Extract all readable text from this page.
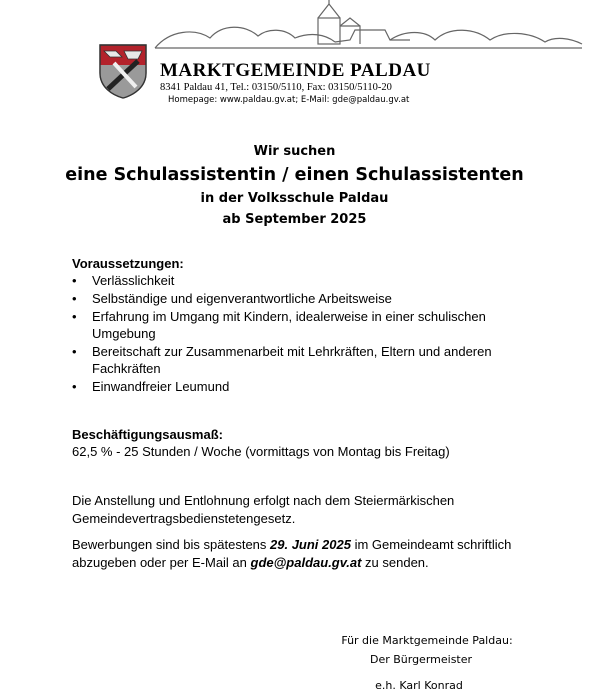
MARKTGEMEINDE PALDAU
8341 Paldau 41, Tel.: 03150/5110, Fax: 03150/5110-20
Homepage: www.paldau.gv.at; E-Mail: gde@paldau.gv.at
Wir suchen
eine Schulassistentin / einen Schulassistenten
in der Volksschule Paldau
ab September 2025
Voraussetzungen:
• Verlässlichkeit
• Selbständige und eigenverantwortliche Arbeitsweise
• Erfahrung im Umgang mit Kindern, idealerweise in einer schulischen Umgebung
• Bereitschaft zur Zusammenarbeit mit Lehrkräften, Eltern und anderen Fachkräften
• Einwandfreier Leumund
Beschäftigungsausmaß:
62,5 % - 25 Stunden / Woche (vormittags von Montag bis Freitag)
Die Anstellung und Entlohnung erfolgt nach dem Steiermärkischen Gemeindevertragsbedienstetengesetz.
Bewerbungen sind bis spätestens 29. Juni 2025 im Gemeindeamt schriftlich abzugeben oder per E-Mail an gde@paldau.gv.at zu senden.
Für die Marktgemeinde Paldau:
Der Bürgermeister
e.h. Karl Konrad
